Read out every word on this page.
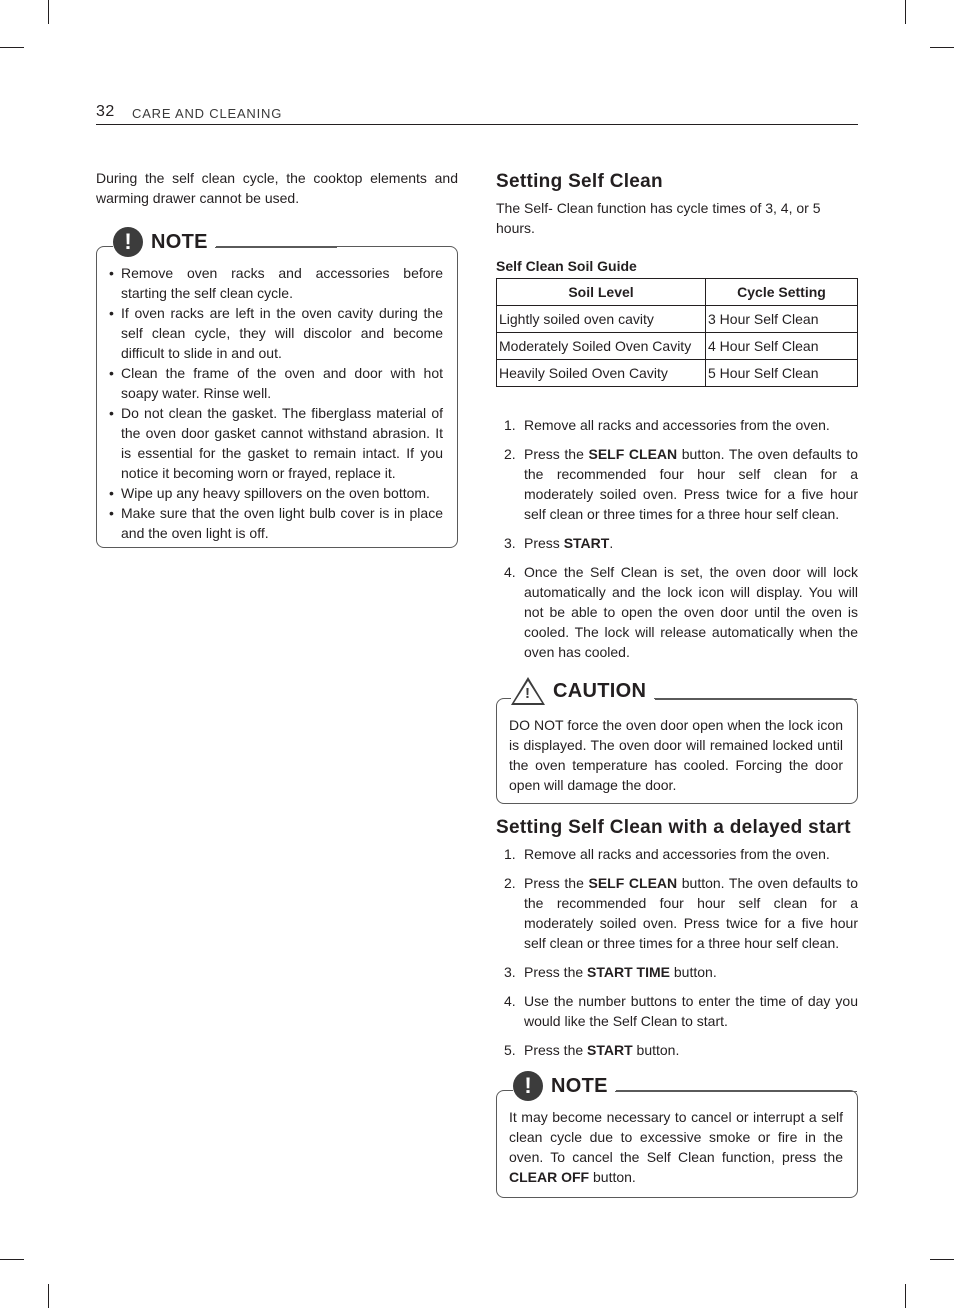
32 CARE AND CLEANING

During the self clean cycle, the cooktop elements and warming drawer cannot be used.

! NOTE
• Remove oven racks and accessories before starting the self clean cycle.
• If oven racks are left in the oven cavity during the self clean cycle, they will discolor and become difficult to slide in and out.
• Clean the frame of the oven and door with hot soapy water. Rinse well.
• Do not clean the gasket. The fiberglass material of the oven door gasket cannot withstand abrasion. It is essential for the gasket to remain intact. If you notice it becoming worn or frayed, replace it.
• Wipe up any heavy spillovers on the oven bottom.
• Make sure that the oven light bulb cover is in place and the oven light is off.
Setting Self Clean

The Self- Clean function has cycle times of 3, 4, or 5 hours.

Self Clean Soil Guide
Soil Level	Cycle Setting
Lightly soiled oven cavity	3 Hour Self Clean
Moderately Soiled Oven Cavity	4 Hour Self Clean
Heavily Soiled Oven Cavity	5 Hour Self Clean
1. Remove all racks and accessories from the oven.
2. Press the SELF CLEAN button. The oven defaults to the recommended four hour self clean for a moderately soiled oven. Press twice for a five hour self clean or three times for a three hour self clean.
3. Press START.
4. Once the Self Clean is set, the oven door will lock automatically and the lock icon will display. You will not be able to open the oven door until the oven is cooled. The lock will release automatically when the oven has cooled.
! CAUTION

DO NOT force the oven door open when the lock icon is displayed. The oven door will remained locked until the oven temperature has cooled. Forcing the door open will damage the door.

Setting Self Clean with a delayed start
1. Remove all racks and accessories from the oven.
2. Press the SELF CLEAN button. The oven defaults to the recommended four hour self clean for a moderately soiled oven. Press twice for a five hour self clean or three times for a three hour self clean.
3. Press the START TIME button.
4. Use the number buttons to enter the time of day you would like the Self Clean to start.
5. Press the START button.
! NOTE

It may become necessary to cancel or interrupt a self clean cycle due to excessive smoke or fire in the oven. To cancel the Self Clean function, press the CLEAR OFF button.
